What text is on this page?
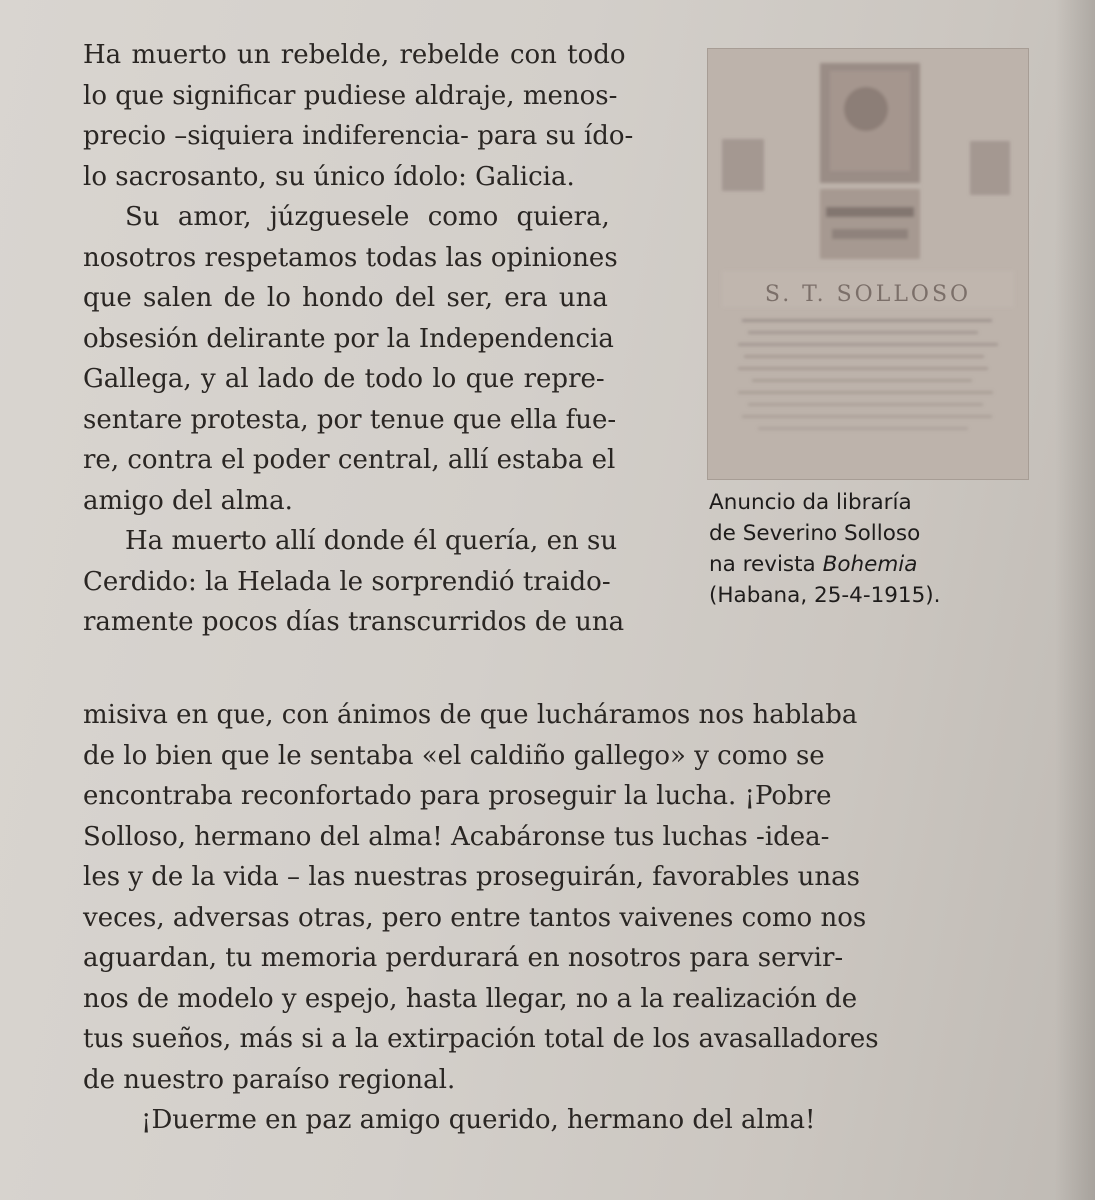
Ha muerto un rebelde, rebelde con todo
lo que significar pudiese aldraje, menos-
precio –siquiera indiferencia- para su ído-
lo sacrosanto, su único ídolo: Galicia.
Su amor, júzguesele como quiera,
nosotros respetamos todas las opiniones
que salen de lo hondo del ser, era una
obsesión delirante por la Independencia
Gallega, y al lado de todo lo que repre-
sentare protesta, por tenue que ella fue-
re, contra el poder central, allí estaba el
amigo del alma.
Ha muerto allí donde él quería, en su
Cerdido: la Helada le sorprendió traido-
ramente pocos días transcurridos de una
S. T. SOLLOSO
Anuncio da libraría
de Severino Solloso
na revista Bohemia
(Habana, 25-4-1915).
misiva en que, con ánimos de que lucháramos nos hablaba
de lo bien que le sentaba «el caldiño gallego» y como se
encontraba reconfortado para proseguir la lucha. ¡Pobre
Solloso, hermano del alma! Acabáronse tus luchas -idea-
les y de la vida – las nuestras proseguirán, favorables unas
veces, adversas otras, pero entre tantos vaivenes como nos
aguardan, tu memoria perdurará en nosotros para servir-
nos de modelo y espejo, hasta llegar, no a la realización de
tus sueños, más si a la extirpación total de los avasalladores
de nuestro paraíso regional.
¡Duerme en paz amigo querido, hermano del alma!
